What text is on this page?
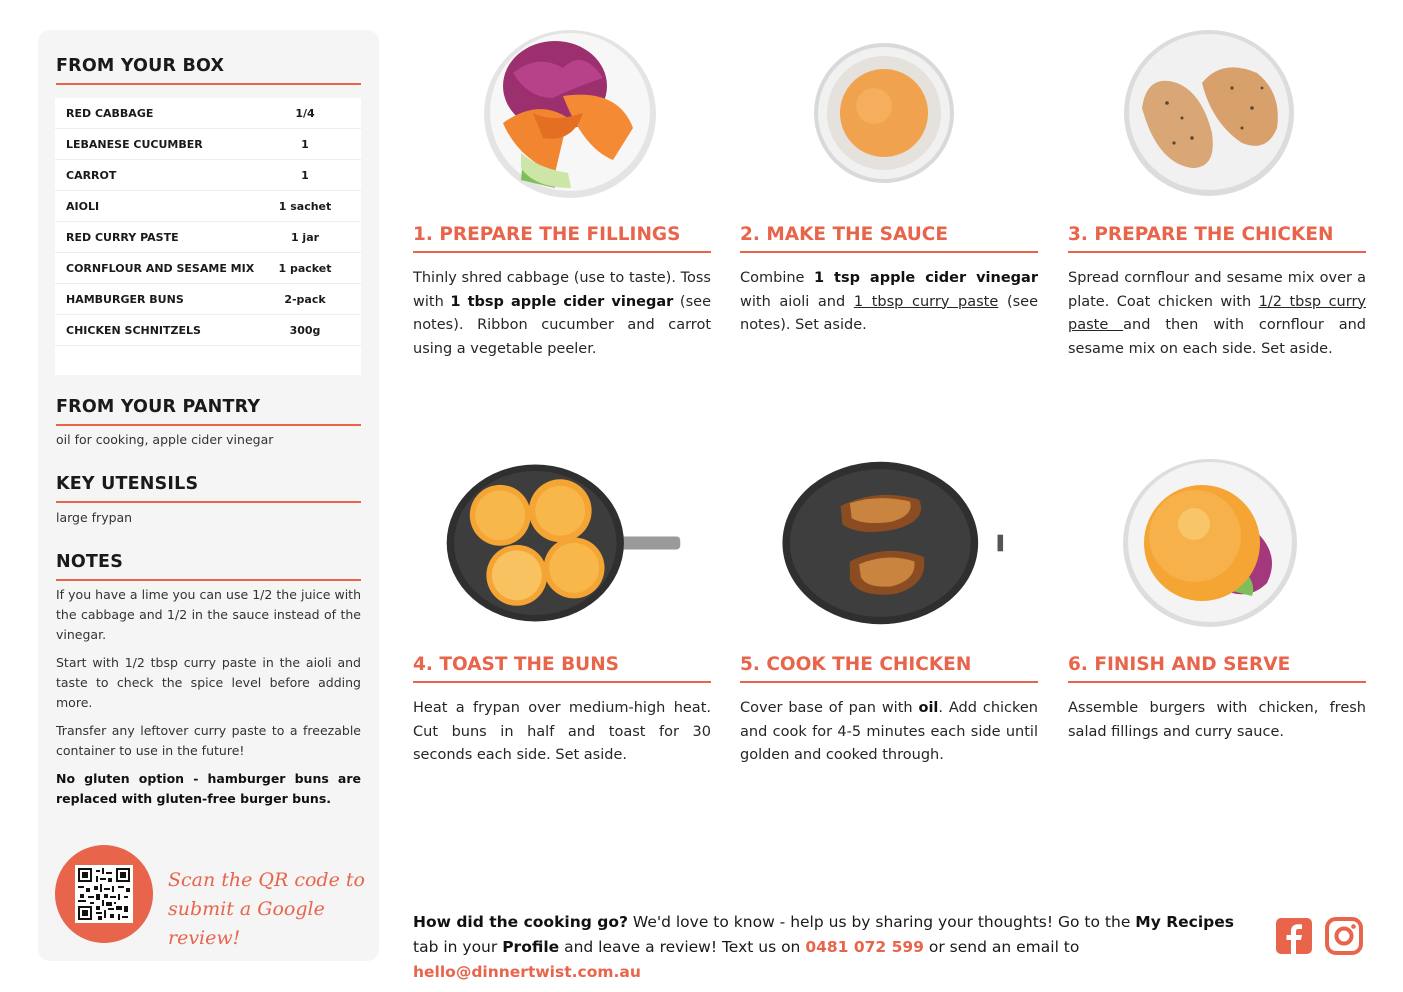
FROM YOUR BOX
RED CABBAGE	1/4
LEBANESE CUCUMBER	1
CARROT	1
AIOLI	1 sachet
RED CURRY PASTE	1 jar
CORNFLOUR AND SESAME MIX	1 packet
HAMBURGER BUNS	2-pack
CHICKEN SCHNITZELS	300g
FROM YOUR PANTRY
oil for cooking, apple cider vinegar
KEY UTENSILS
large frypan
NOTES

If you have a lime you can use 1/2 the juice with the cabbage and 1/2 in the sauce instead of the vinegar.

Start with 1/2 tbsp curry paste in the aioli and taste to check the spice level before adding more.

Transfer any leftover curry paste to a freezable container to use in the future!

No gluten option - hamburger buns are replaced with gluten-free burger buns.

Scan the QR code to
submit a Google review!
1. PREPARE THE FILLINGS
Thinly shred cabbage (use to taste). Toss with 1 tbsp apple cider vinegar (see notes). Ribbon cucumber and carrot using a vegetable peeler.
2. MAKE THE SAUCE
Combine 1 tsp apple cider vinegar with aioli and 1 tbsp curry paste (see notes). Set aside.
3. PREPARE THE CHICKEN
Spread cornflour and sesame mix over a plate. Coat chicken with 1/2 tbsp curry paste and then with cornflour and sesame mix on each side. Set aside.
4. TOAST THE BUNS
Heat a frypan over medium-high heat. Cut buns in half and toast for 30 seconds each side. Set aside.
5. COOK THE CHICKEN
Cover base of pan with oil. Add chicken and cook for 4-5 minutes each side until golden and cooked through.
6. FINISH AND SERVE
Assemble burgers with chicken, fresh salad fillings and curry sauce.
How did the cooking go? We'd love to know - help us by sharing your thoughts! Go to the My Recipes tab in your Profile and leave a review! Text us on 0481 072 599 or send an email to hello@dinnertwist.com.au
